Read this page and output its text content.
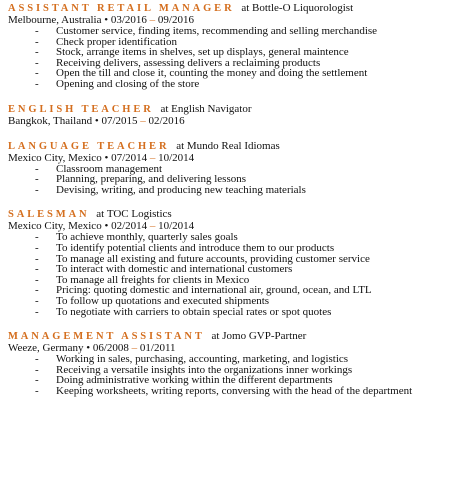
ASSISTANT RETAIL MANAGER at Bottle-O Liquorologist
Melbourne, Australia • 03/2016 – 09/2016
- Customer service, finding items, recommending and selling merchandise
- Check proper identification
- Stock, arrange items in shelves, set up displays, general maintence
- Receiving delivers, assessing delivers a reclaiming products
- Open the till and close it, counting the money and doing the settlement
- Opening and closing of the store
ENGLISH TEACHER at English Navigator
Bangkok, Thailand • 07/2015 – 02/2016
LANGUAGE TEACHER at Mundo Real Idiomas
Mexico City, Mexico • 07/2014 – 10/2014
- Classroom management
- Planning, preparing, and delivering lessons
- Devising, writing, and producing new teaching materials
SALESMAN at TOC Logistics
Mexico City, Mexico • 02/2014 – 10/2014
- To achieve monthly, quarterly sales goals
- To identify potential clients and introduce them to our products
- To manage all existing and future accounts, providing customer service
- To interact with domestic and international customers
- To manage all freights for clients in Mexico
- Pricing: quoting domestic and international air, ground, ocean, and LTL
- To follow up quotations and executed shipments
- To negotiate with carriers to obtain special rates or spot quotes
MANAGEMENT ASSISTANT at Jomo GVP-Partner
Weeze, Germany • 06/2008 – 01/2011
- Working in sales, purchasing, accounting, marketing, and logistics
- Receiving a versatile insights into the organizations inner workings
- Doing administrative working within the different departments
- Keeping worksheets, writing reports, conversing with the head of the department
